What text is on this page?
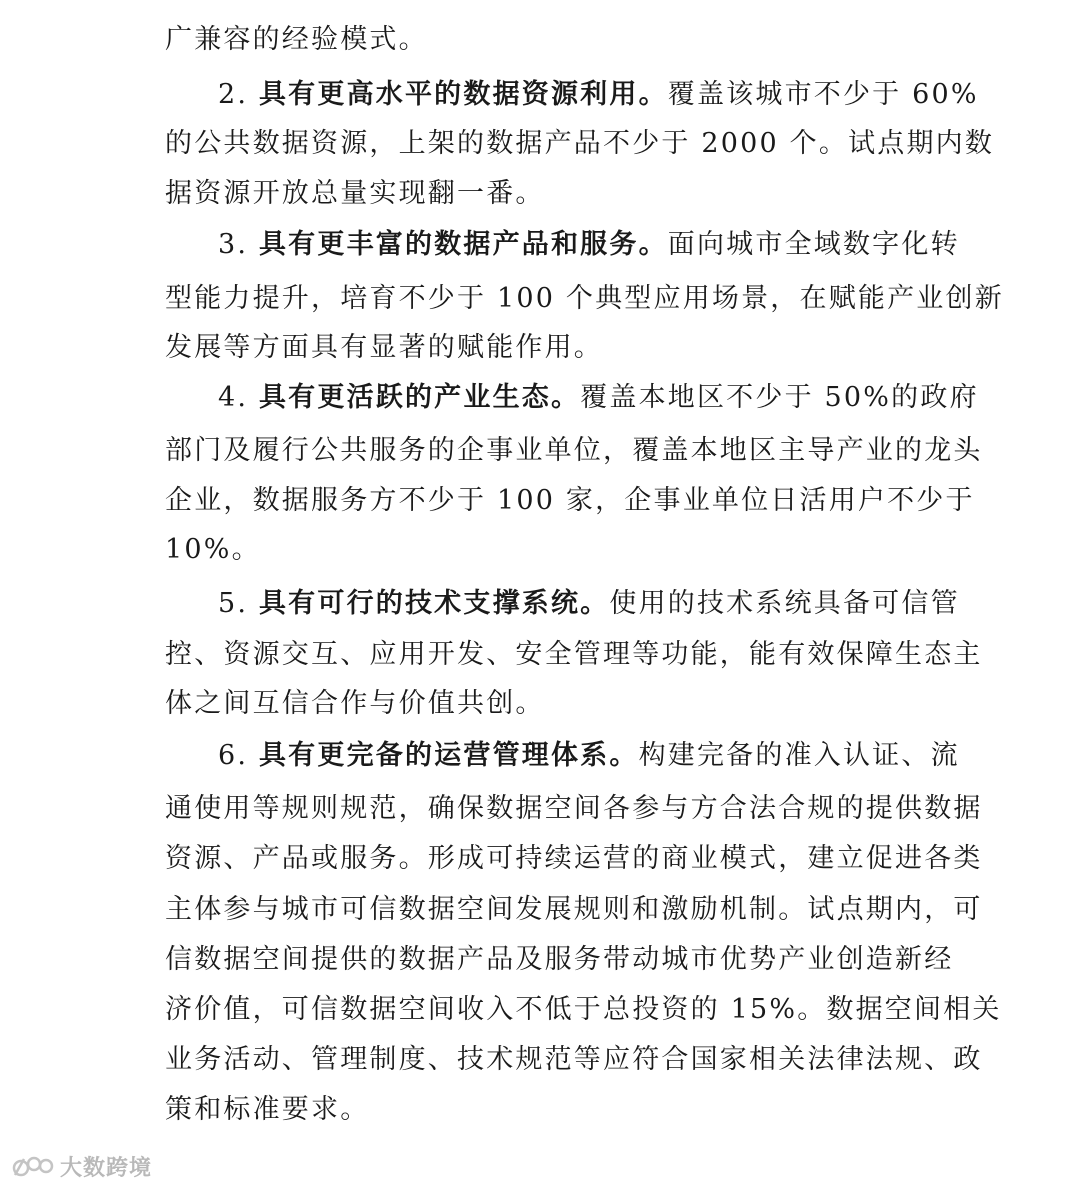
广兼容的经验模式。
2. 具有更高水平的数据资源利用。覆盖该城市不少于 60%
的公共数据资源，上架的数据产品不少于 2000 个。试点期内数
据资源开放总量实现翻一番。
3. 具有更丰富的数据产品和服务。面向城市全域数字化转
型能力提升，培育不少于 100 个典型应用场景，在赋能产业创新
发展等方面具有显著的赋能作用。
4. 具有更活跃的产业生态。覆盖本地区不少于 50%的政府
部门及履行公共服务的企事业单位，覆盖本地区主导产业的龙头
企业，数据服务方不少于 100 家，企事业单位日活用户不少于
10%。
5. 具有可行的技术支撑系统。使用的技术系统具备可信管
控、资源交互、应用开发、安全管理等功能，能有效保障生态主
体之间互信合作与价值共创。
6. 具有更完备的运营管理体系。构建完备的准入认证、流
通使用等规则规范，确保数据空间各参与方合法合规的提供数据
资源、产品或服务。形成可持续运营的商业模式，建立促进各类
主体参与城市可信数据空间发展规则和激励机制。试点期内，可
信数据空间提供的数据产品及服务带动城市优势产业创造新经
济价值，可信数据空间收入不低于总投资的 15%。数据空间相关
业务活动、管理制度、技术规范等应符合国家相关法律法规、政
策和标准要求。
大数跨境
